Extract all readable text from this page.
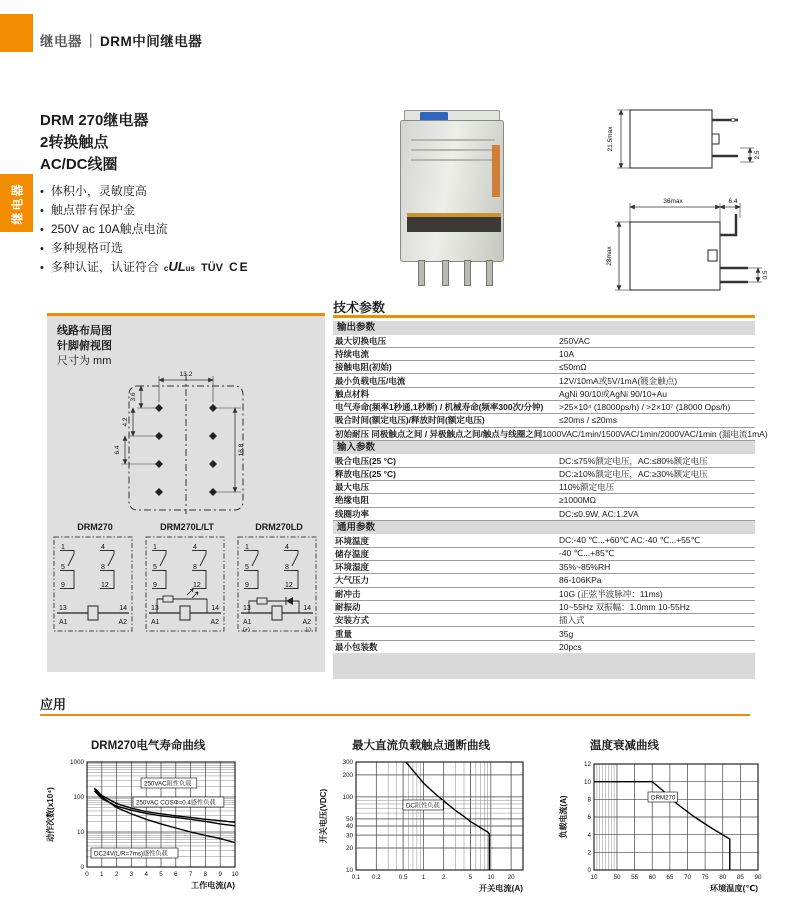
继电器 ｜ DRM中间继电器
继电器
DRM 270继电器
2转换触点
AC/DC线圈
• 体积小，灵敏度高
• 触点带有保护金
• 250V ac 10A触点电流
• 多种规格可选
• 多种认证，认证符合 cULus TÜV CE
21.5max
2.5
36max	6.4
28max
0.5
线路布局图
针脚俯视图
尺寸为 mm
13.2
3.6
4.2
6.4	16.8
DRM270
1
5
9
4
8
12
13
A1
14
A2
DRM270L/LT
1
5
9
4
8
12
13
A1
14
A2
DRM270LD
1
5
9
4
8
12
13
A1
14
A2
(+)	(-)
技术参数
输出参数
最大切换电压	250VAC
持续电流	10A
接触电阻(初始)	≤50mΩ
最小负载电压/电流	12V/10mA或5V/1mA(镀金触点)
触点材料	AgNi 90/10或AgNi 90/10+Au
电气寿命(频率1秒通,1秒断) / 机械寿命(频率300次/分钟)	>25×10⁴ (18000ps/h) / >2×10⁷ (18000 Ops/h)
吸合时间(额定电压)/释放时间(额定电压)	≤20ms / ≤20ms
初始耐压 同极触点之间 / 异极触点之间/触点与线圈之间 1000VAC/1min/1500VAC/1min/2000VAC/1min (漏电流1mA)
输入参数
吸合电压(25 °C)	DC:≤75%额定电压，AC:≤80%额定电压
释放电压(25 °C)	DC:≥10%额定电压，AC:≥30%额定电压
最大电压	110%额定电压
绝缘电阻	≥1000MΩ
线圈功率	DC:≤0.9W, AC:1.2VA
通用参数
环境温度	DC:-40 ℃...+60℃ AC:-40 ℃...+55℃
储存温度	-40 ℃...+85℃
环境湿度	35%~85%RH
大气压力	86-106KPa
耐冲击	10G (正弦半波脉冲：11ms)
耐振动	10~55Hz 双振幅：1.0mm 10-55Hz
安装方式	插入式
重量	35g
最小包装数	20pcs
应用
DRM270电气寿命曲线
0 1 2 3 4 5 6 7 8 9 10
1000
100
10
0
250VAC阻性负载
250VAC COSΦ=0.4感性负载
DC24V(L/R=7ms)感性负载
工作电流(A)
动作次数(x10⁴)
最大直流负载触点通断曲线
0.1 0.2	0.5 1	2	5 10 20
10
20
30
40
50
100
200
300
DC阻性负载
开关电流(A)
开关电压(VDC)
温度衰减曲线
10	50 55 60 65 70 75 80 85 90
0
2
4
6
8
10
12
DRM270
环境温度(℃)
负载电流(A)
